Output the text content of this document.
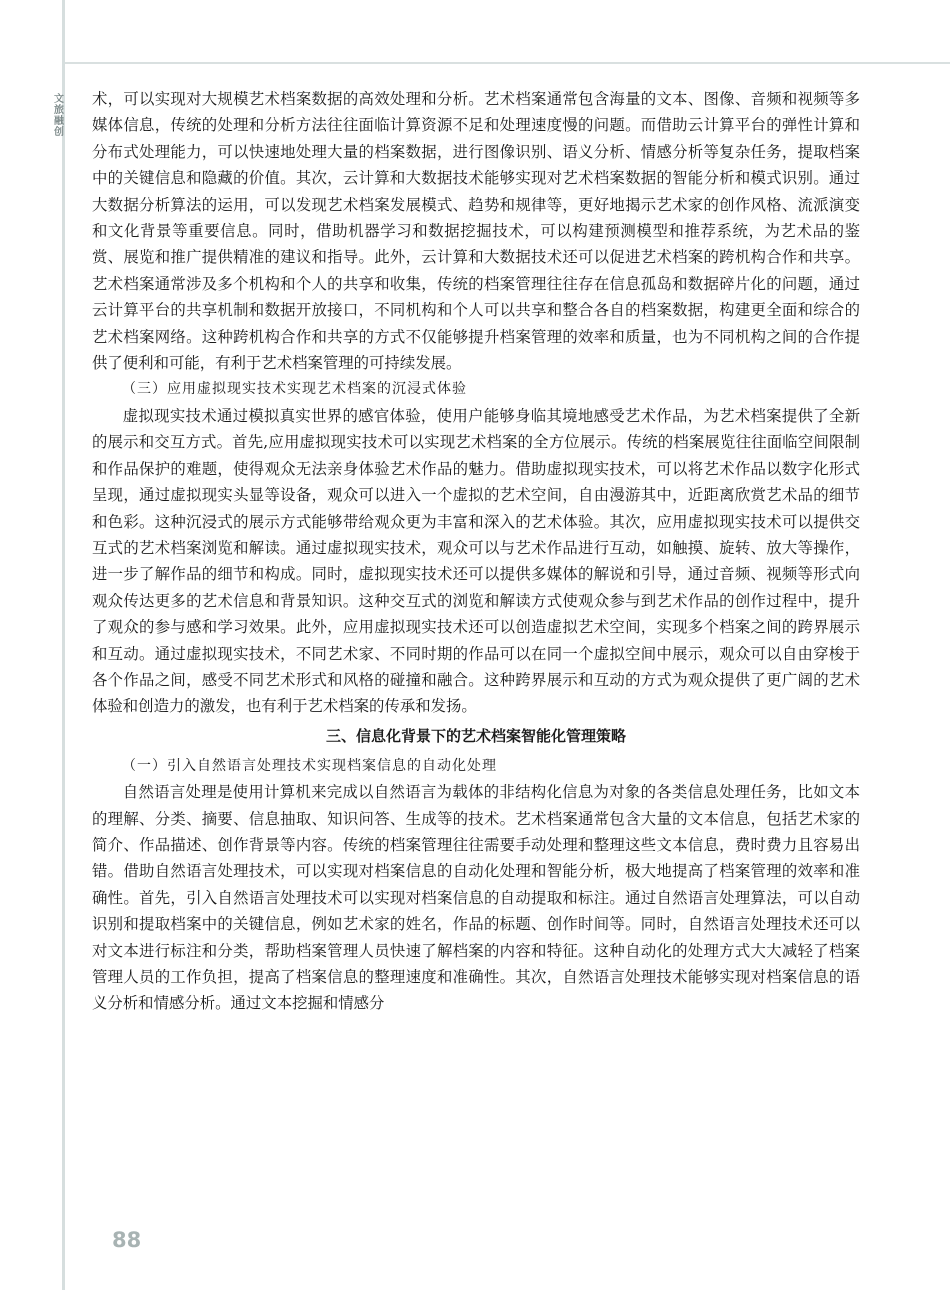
文旅融创

术，可以实现对大规模艺术档案数据的高效处理和分析。艺术档案通常包含海量的文本、图像、音频和视频等多媒体信息，传统的处理和分析方法往往面临计算资源不足和处理速度慢的问题。而借助云计算平台的弹性计算和分布式处理能力，可以快速地处理大量的档案数据，进行图像识别、语义分析、情感分析等复杂任务，提取档案中的关键信息和隐藏的价值。其次，云计算和大数据技术能够实现对艺术档案数据的智能分析和模式识别。通过大数据分析算法的运用，可以发现艺术档案发展模式、趋势和规律等，更好地揭示艺术家的创作风格、流派演变和文化背景等重要信息。同时，借助机器学习和数据挖掘技术，可以构建预测模型和推荐系统，为艺术品的鉴赏、展览和推广提供精准的建议和指导。此外，云计算和大数据技术还可以促进艺术档案的跨机构合作和共享。艺术档案通常涉及多个机构和个人的共享和收集，传统的档案管理往往存在信息孤岛和数据碎片化的问题，通过云计算平台的共享机制和数据开放接口，不同机构和个人可以共享和整合各自的档案数据，构建更全面和综合的艺术档案网络。这种跨机构合作和共享的方式不仅能够提升档案管理的效率和质量，也为不同机构之间的合作提供了便利和可能，有利于艺术档案管理的可持续发展。

（三）应用虚拟现实技术实现艺术档案的沉浸式体验

虚拟现实技术通过模拟真实世界的感官体验，使用户能够身临其境地感受艺术作品，为艺术档案提供了全新的展示和交互方式。首先,应用虚拟现实技术可以实现艺术档案的全方位展示。传统的档案展览往往面临空间限制和作品保护的难题，使得观众无法亲身体验艺术作品的魅力。借助虚拟现实技术，可以将艺术作品以数字化形式呈现，通过虚拟现实头显等设备，观众可以进入一个虚拟的艺术空间，自由漫游其中，近距离欣赏艺术品的细节和色彩。这种沉浸式的展示方式能够带给观众更为丰富和深入的艺术体验。其次，应用虚拟现实技术可以提供交互式的艺术档案浏览和解读。通过虚拟现实技术，观众可以与艺术作品进行互动，如触摸、旋转、放大等操作，进一步了解作品的细节和构成。同时，虚拟现实技术还可以提供多媒体的解说和引导，通过音频、视频等形式向观众传达更多的艺术信息和背景知识。这种交互式的浏览和解读方式使观众参与到艺术作品的创作过程中，提升了观众的参与感和学习效果。此外，应用虚拟现实技术还可以创造虚拟艺术空间，实现多个档案之间的跨界展示和互动。通过虚拟现实技术，不同艺术家、不同时期的作品可以在同一个虚拟空间中展示，观众可以自由穿梭于各个作品之间，感受不同艺术形式和风格的碰撞和融合。这种跨界展示和互动的方式为观众提供了更广阔的艺术体验和创造力的激发，也有利于艺术档案的传承和发扬。

三、信息化背景下的艺术档案智能化管理策略

（一）引入自然语言处理技术实现档案信息的自动化处理

自然语言处理是使用计算机来完成以自然语言为载体的非结构化信息为对象的各类信息处理任务，比如文本的理解、分类、摘要、信息抽取、知识问答、生成等的技术。艺术档案通常包含大量的文本信息，包括艺术家的简介、作品描述、创作背景等内容。传统的档案管理往往需要手动处理和整理这些文本信息，费时费力且容易出错。借助自然语言处理技术，可以实现对档案信息的自动化处理和智能分析，极大地提高了档案管理的效率和准确性。首先，引入自然语言处理技术可以实现对档案信息的自动提取和标注。通过自然语言处理算法，可以自动识别和提取档案中的关键信息，例如艺术家的姓名，作品的标题、创作时间等。同时，自然语言处理技术还可以对文本进行标注和分类，帮助档案管理人员快速了解档案的内容和特征。这种自动化的处理方式大大减轻了档案管理人员的工作负担，提高了档案信息的整理速度和准确性。其次，自然语言处理技术能够实现对档案信息的语义分析和情感分析。通过文本挖掘和情感分

88
